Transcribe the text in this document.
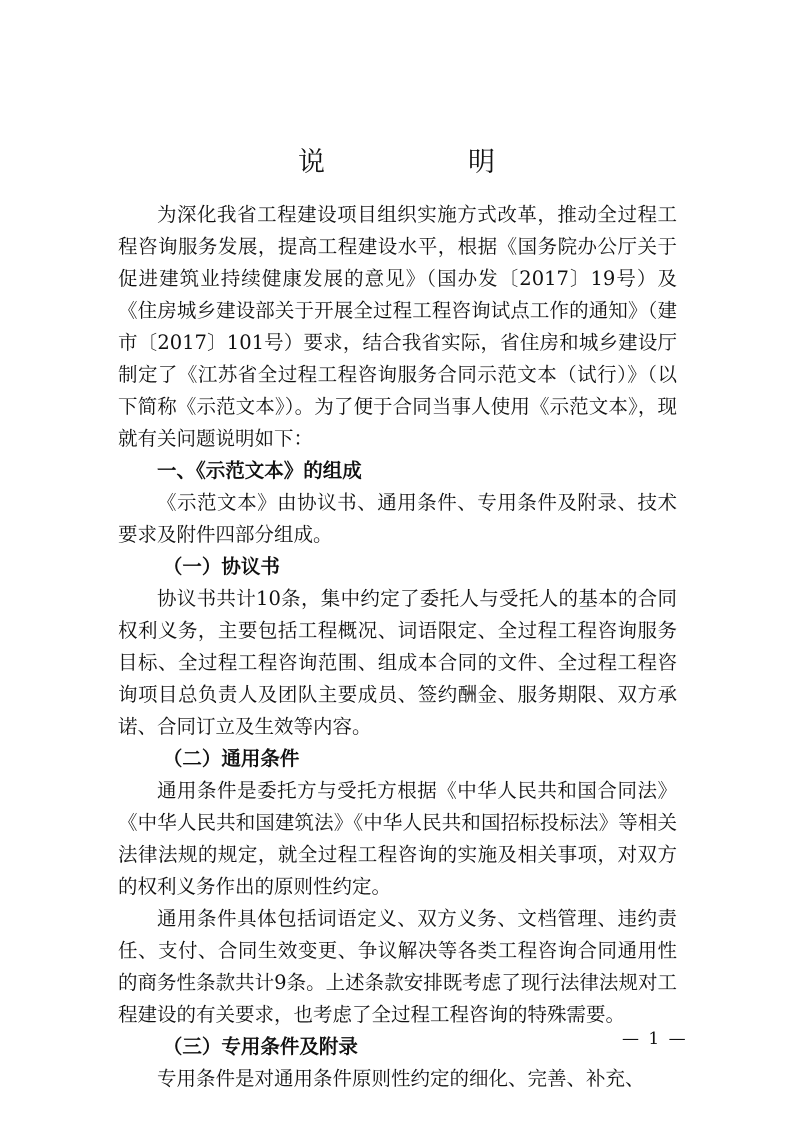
说　明

为深化我省工程建设项目组织实施方式改革，推动全过程工程咨询服务发展，提高工程建设水平，根据《国务院办公厅关于促进建筑业持续健康发展的意见》（国办发〔2017〕19号）及《住房城乡建设部关于开展全过程工程咨询试点工作的通知》（建市〔2017〕101号）要求，结合我省实际，省住房和城乡建设厅制定了《江苏省全过程工程咨询服务合同示范文本（试行）》（以下简称《示范文本》）。为了便于合同当事人使用《示范文本》，现就有关问题说明如下：

一、《示范文本》的组成

《示范文本》由协议书、通用条件、专用条件及附录、技术要求及附件四部分组成。

（一）协议书

协议书共计10条，集中约定了委托人与受托人的基本的合同权利义务，主要包括工程概况、词语限定、全过程工程咨询服务目标、全过程工程咨询范围、组成本合同的文件、全过程工程咨询项目总负责人及团队主要成员、签约酬金、服务期限、双方承诺、合同订立及生效等内容。

（二）通用条件

通用条件是委托方与受托方根据《中华人民共和国合同法》《中华人民共和国建筑法》《中华人民共和国招标投标法》等相关法律法规的规定，就全过程工程咨询的实施及相关事项，对双方的权利义务作出的原则性约定。

通用条件具体包括词语定义、双方义务、文档管理、违约责任、支付、合同生效变更、争议解决等各类工程咨询合同通用性的商务性条款共计9条。上述条款安排既考虑了现行法律法规对工程建设的有关要求，也考虑了全过程工程咨询的特殊需要。

（三）专用条件及附录

专用条件是对通用条件原则性约定的细化、完善、补充、

— 1 —
